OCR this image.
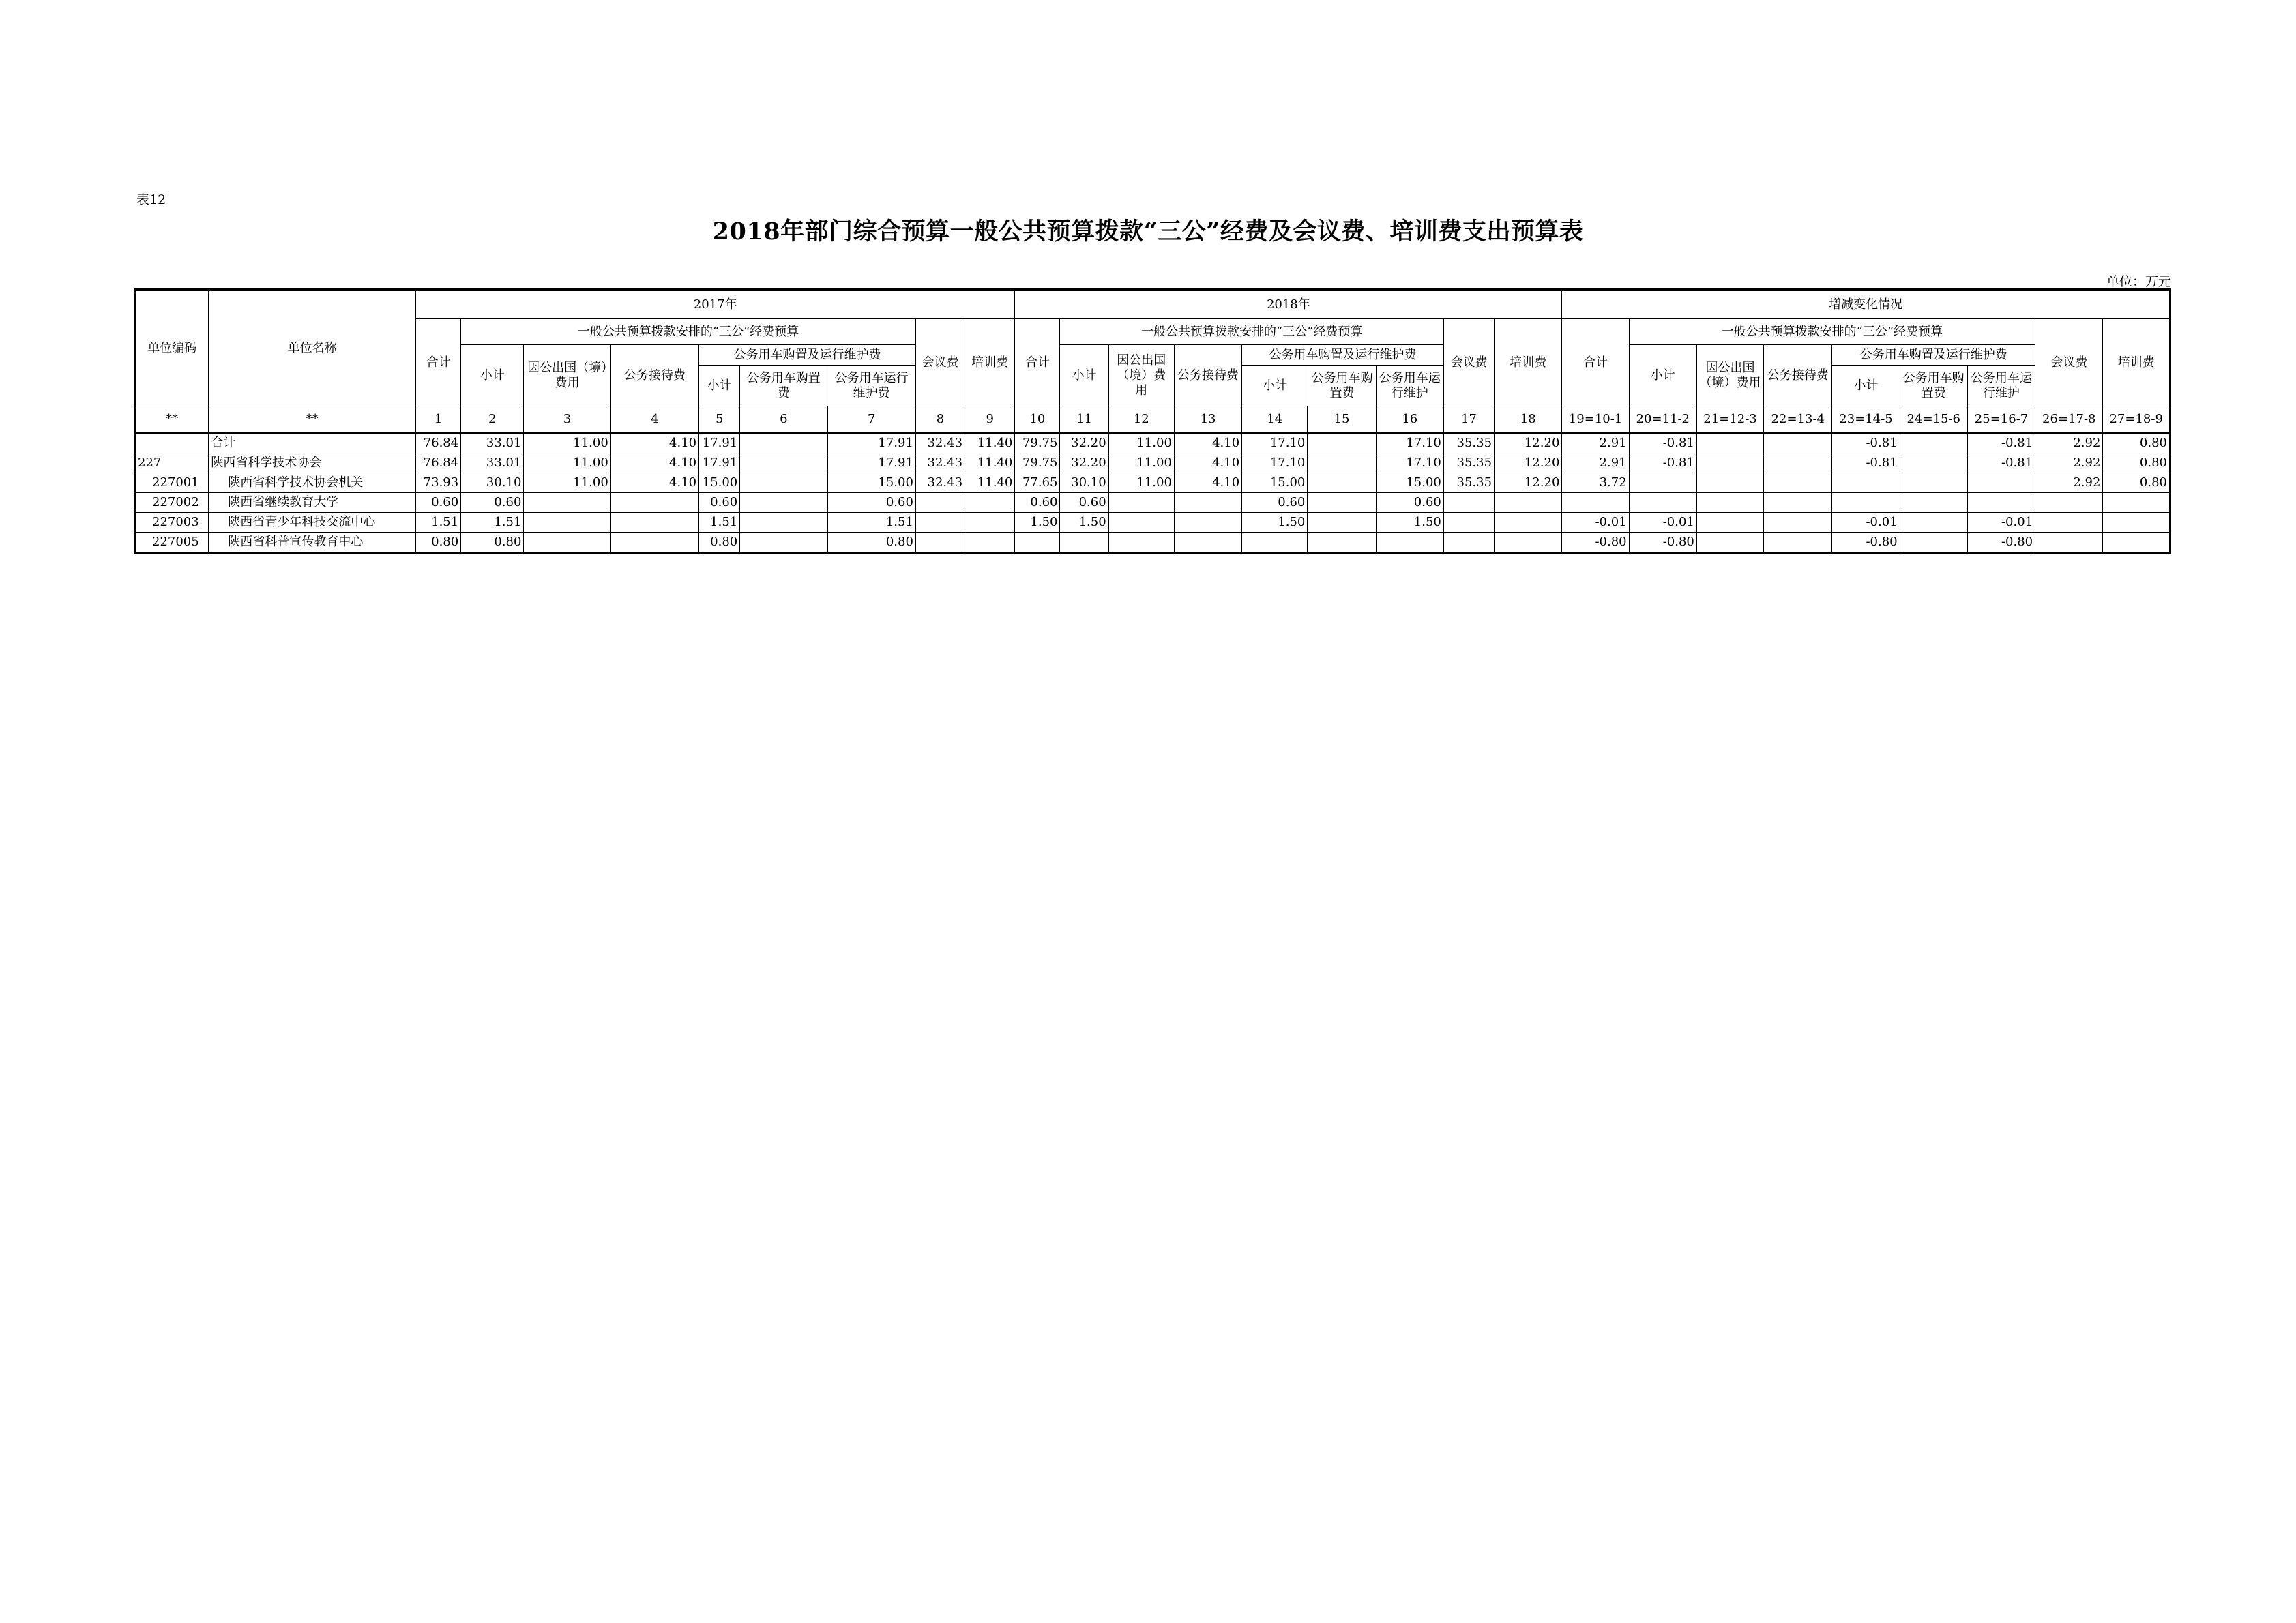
表12
2018年部门综合预算一般公共预算拨款“三公”经费及会议费、培训费支出预算表
单位：万元
单位编码	单位名称	2017年	2018年	增减变化情况
合计	一般公共预算拨款安排的“三公”经费预算	会议费	培训费	合计	一般公共预算拨款安排的“三公”经费预算	会议费	培训费	合计	一般公共预算拨款安排的“三公”经费预算	会议费	培训费
小计	因公出国（境）费用	公务接待费	
公务用车购置及运行维护费
小计	公务用车购置费	公务用车运行维护费
	小计	因公出国（境）费用	公务接待费	
公务用车购置及运行维护费
小计	公务用车购置费	公务用车运行维护
	小计	因公出国（境）费用	公务接待费	
公务用车购置及运行维护费
小计	公务用车购置费	公务用车运行维护

**	**	1	2	3	4	5	6	7	8	9	10	11	12	13	14	15	16	17	18	19=10-1	20=11-2	21=12-3	22=13-4	23=14-5	24=15-6	25=16-7	26=17-8	27=18-9
	合计	76.84	33.01	11.00	4.10	17.91		17.91	32.43	11.40	79.75	32.20	11.00	4.10	17.10		17.10	35.35	12.20	2.91	-0.81			-0.81		-0.81	2.92	0.80
227	陕西省科学技术协会	76.84	33.01	11.00	4.10	17.91		17.91	32.43	11.40	79.75	32.20	11.00	4.10	17.10		17.10	35.35	12.20	2.91	-0.81			-0.81		-0.81	2.92	0.80
227001	陕西省科学技术协会机关	73.93	30.10	11.00	4.10	15.00		15.00	32.43	11.40	77.65	30.10	11.00	4.10	15.00		15.00	35.35	12.20	3.72							2.92	0.80
227002	陕西省继续教育大学	0.60	0.60			0.60		0.60			0.60	0.60			0.60		0.60											
227003	陕西省青少年科技交流中心	1.51	1.51			1.51		1.51			1.50	1.50			1.50		1.50			-0.01	-0.01			-0.01		-0.01		
227005	陕西省科普宣传教育中心	0.80	0.80			0.80		0.80												-0.80	-0.80			-0.80		-0.80		
